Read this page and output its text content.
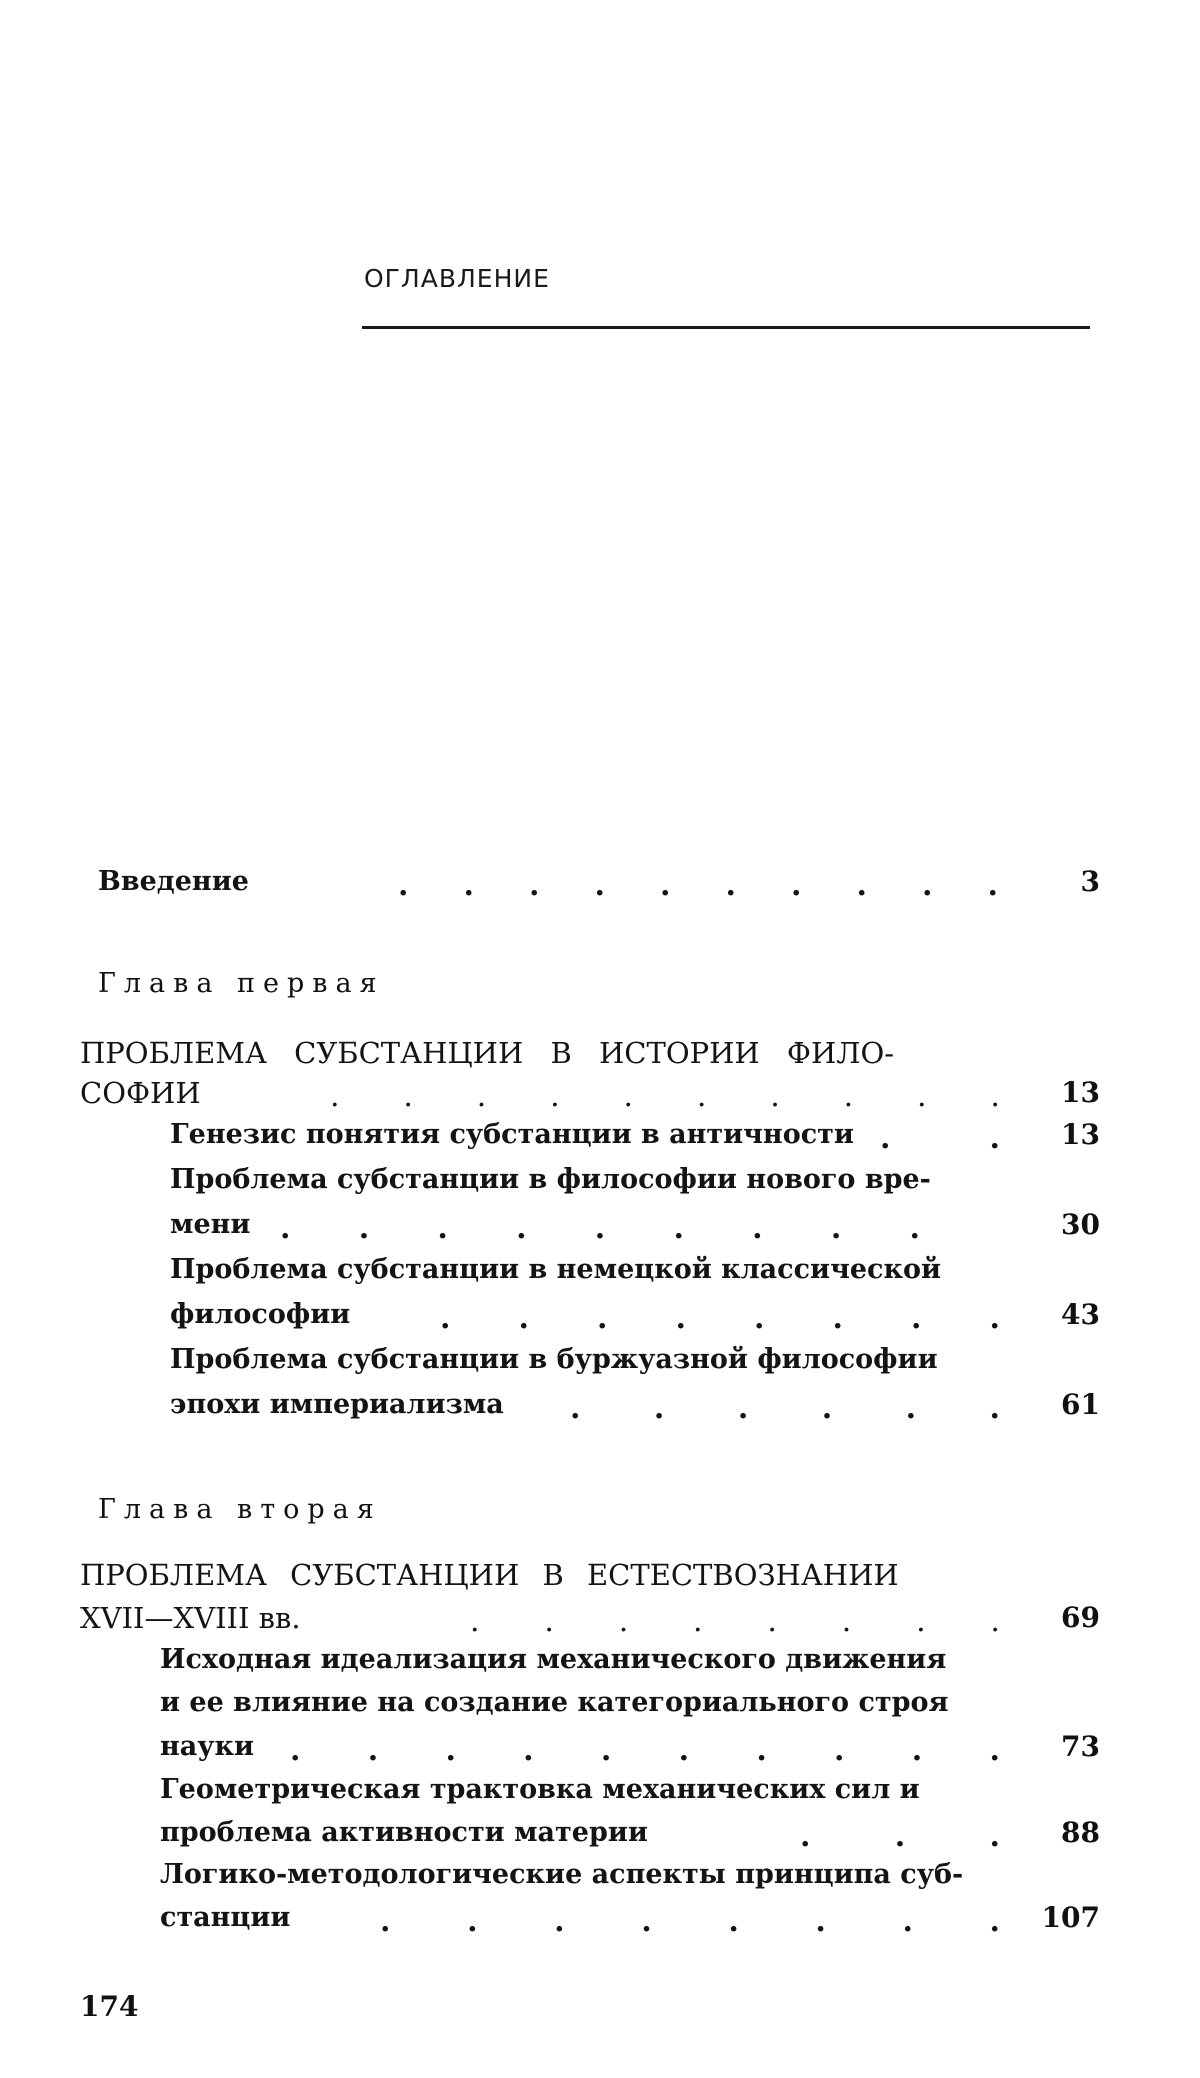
ОГЛАВЛЕНИЕ
Введение	. . . . . . . . . .	3
Глава первая
ПРОБЛЕМА СУБСТАНЦИИ В ИСТОРИИ ФИЛО-
СОФИИ	. . . . . . . . . . 13
Генезис понятия субстанции в античности .	. 13
Проблема субстанции в философии нового вре-
мени . . . . . . . . .	30
Проблема субстанции в немецкой классической
философии	. . . . . . . . 43
Проблема субстанции в буржуазной философии
эпохи империализма . . . . . . 61
Глава вторая
ПРОБЛЕМА СУБСТАНЦИИ В ЕСТЕСТВОЗНАНИИ
XVII—XVIII вв.	. . . . . . . . 69
Исходная идеализация механического движения
и ее влияние на создание категориального строя
науки . . . . . . . . . . 73
Геометрическая трактовка механических сил и
проблема активности материи	.	.	. 88
Логико-методологические аспекты принципа суб-
станции	.	.	.	.	.	.	.	. 107
174
